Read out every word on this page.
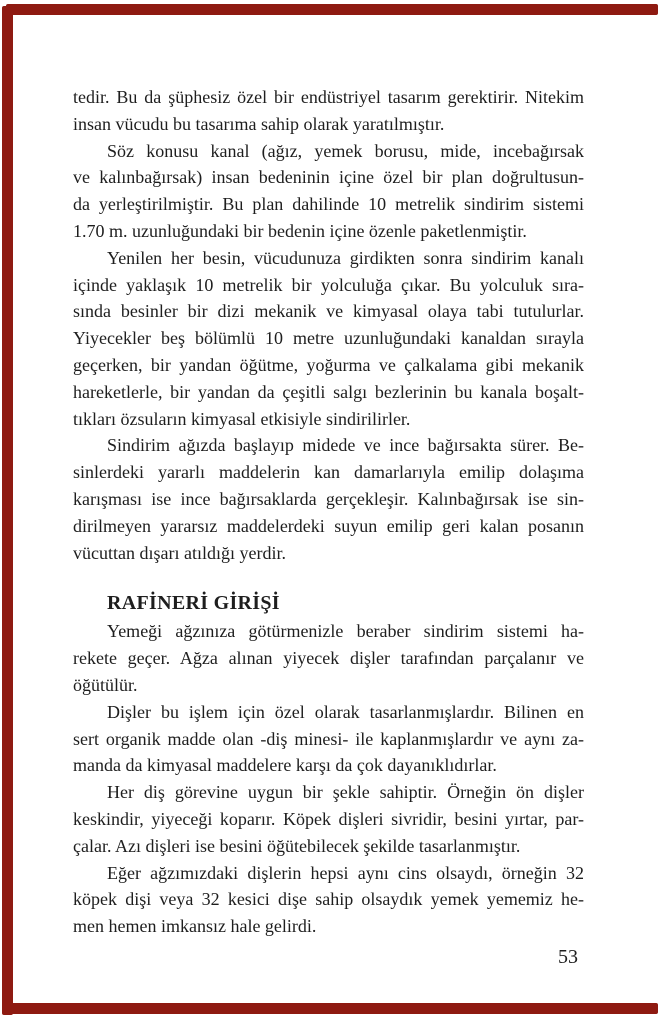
tedir. Bu da şüphesiz özel bir endüstriyel tasarım gerektirir. Nitekim
insan vücudu bu tasarıma sahip olarak yaratılmıştır.
Söz konusu kanal (ağız, yemek borusu, mide, incebağırsak
ve kalınbağırsak) insan bedeninin içine özel bir plan doğrultusun-
da yerleştirilmiştir. Bu plan dahilinde 10 metrelik sindirim sistemi
1.70 m. uzunluğundaki bir bedenin içine özenle paketlenmiştir.
Yenilen her besin, vücudunuza girdikten sonra sindirim kanalı
içinde yaklaşık 10 metrelik bir yolculuğa çıkar. Bu yolculuk sıra-
sında besinler bir dizi mekanik ve kimyasal olaya tabi tutulurlar.
Yiyecekler beş bölümlü 10 metre uzunluğundaki kanaldan sırayla
geçerken, bir yandan öğütme, yoğurma ve çalkalama gibi mekanik
hareketlerle, bir yandan da çeşitli salgı bezlerinin bu kanala boşalt-
tıkları özsuların kimyasal etkisiyle sindirilirler.
Sindirim ağızda başlayıp midede ve ince bağırsakta sürer. Be-
sinlerdeki yararlı maddelerin kan damarlarıyla emilip dolaşıma
karışması ise ince bağırsaklarda gerçekleşir. Kalınbağırsak ise sin-
dirilmeyen yararsız maddelerdeki suyun emilip geri kalan posanın
vücuttan dışarı atıldığı yerdir.
RAFİNERİ GİRİŞİ
Yemeği ağzınıza götürmenizle beraber sindirim sistemi ha-
rekete geçer. Ağza alınan yiyecek dişler tarafından parçalanır ve
öğütülür.
Dişler bu işlem için özel olarak tasarlanmışlardır. Bilinen en
sert organik madde olan -diş minesi- ile kaplanmışlardır ve aynı za-
manda da kimyasal maddelere karşı da çok dayanıklıdırlar.
Her diş görevine uygun bir şekle sahiptir. Örneğin ön dişler
keskindir, yiyeceği koparır. Köpek dişleri sivridir, besini yırtar, par-
çalar. Azı dişleri ise besini öğütebilecek şekilde tasarlanmıştır.
Eğer ağzımızdaki dişlerin hepsi aynı cins olsaydı, örneğin 32
köpek dişi veya 32 kesici dişe sahip olsaydık yemek yememiz he-
men hemen imkansız hale gelirdi.
53
